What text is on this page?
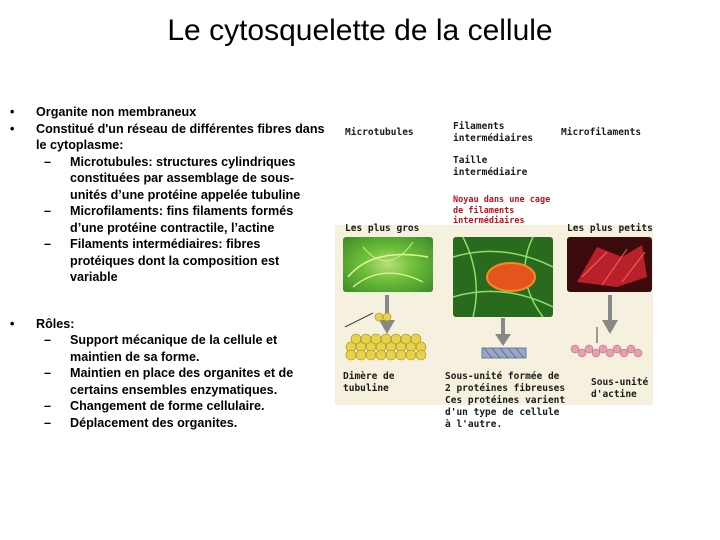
Le cytosquelette de la cellule
• Organite non membraneux
• Constitué d'un réseau de différentes fibres dans le cytoplasme:
– Microtubules: structures cylindriques constituées par assemblage de sous-unités d’une protéine appelée tubuline
– Microfilaments: fins filaments formés d’une protéine contractile, l’actine
– Filaments intermédiaires: fibres protéiques dont la composition est variable
• Rôles:
– Support mécanique de la cellule et maintien de sa forme.
– Maintien en place des organites et de certains ensembles enzymatiques.
– Changement de forme cellulaire.
– Déplacement des organites.
Microtubules
Filaments intermédiaires
Microfilaments
Taille intermédiaire
Noyau dans une cage de filaments intermédiaires
Les plus gros	Les plus petits
Dimère de tubuline
Sous-unité formée de 2 protéines fibreuses Ces protéines varient d'un type de cellule à l'autre.
Sous-unité d'actine
